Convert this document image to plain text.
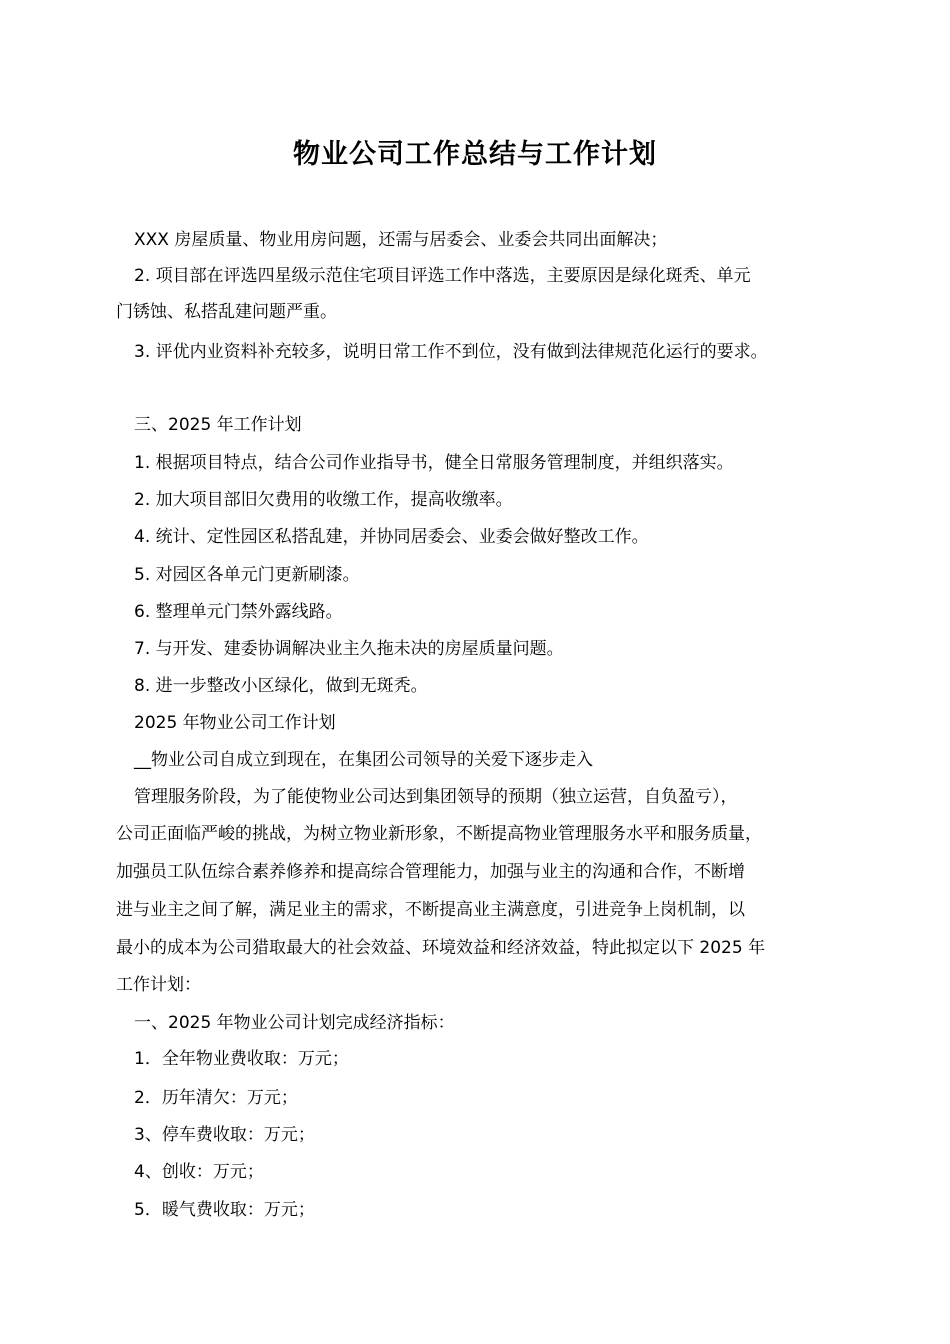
物业公司工作总结与工作计划
XXX 房屋质量、物业用房问题，还需与居委会、业委会共同出面解决；
2. 项目部在评选四星级示范住宅项目评选工作中落选，主要原因是绿化斑秃、单元
门锈蚀、私搭乱建问题严重。
3. 评优内业资料补充较多，说明日常工作不到位，没有做到法律规范化运行的要求。
三、2025 年工作计划
1. 根据项目特点，结合公司作业指导书，健全日常服务管理制度，并组织落实。
2. 加大项目部旧欠费用的收缴工作，提高收缴率。
4. 统计、定性园区私搭乱建，并协同居委会、业委会做好整改工作。
5. 对园区各单元门更新刷漆。
6. 整理单元门禁外露线路。
7. 与开发、建委协调解决业主久拖未决的房屋质量问题。
8. 进一步整改小区绿化，做到无斑秃。
2025 年物业公司工作计划
__物业公司自成立到现在，在集团公司领导的关爱下逐步走入
管理服务阶段，为了能使物业公司达到集团领导的预期（独立运营，自负盈亏），
公司正面临严峻的挑战，为树立物业新形象，不断提高物业管理服务水平和服务质量，
加强员工队伍综合素养修养和提高综合管理能力，加强与业主的沟通和合作，不断增
进与业主之间了解，满足业主的需求，不断提高业主满意度，引进竞争上岗机制，以
最小的成本为公司猎取最大的社会效益、环境效益和经济效益，特此拟定以下 2025 年
工作计划：
一、2025 年物业公司计划完成经济指标：
1．全年物业费收取：万元；
2．历年清欠：万元；
3、停车费收取：万元；
4、创收：万元；
5．暖气费收取：万元；
